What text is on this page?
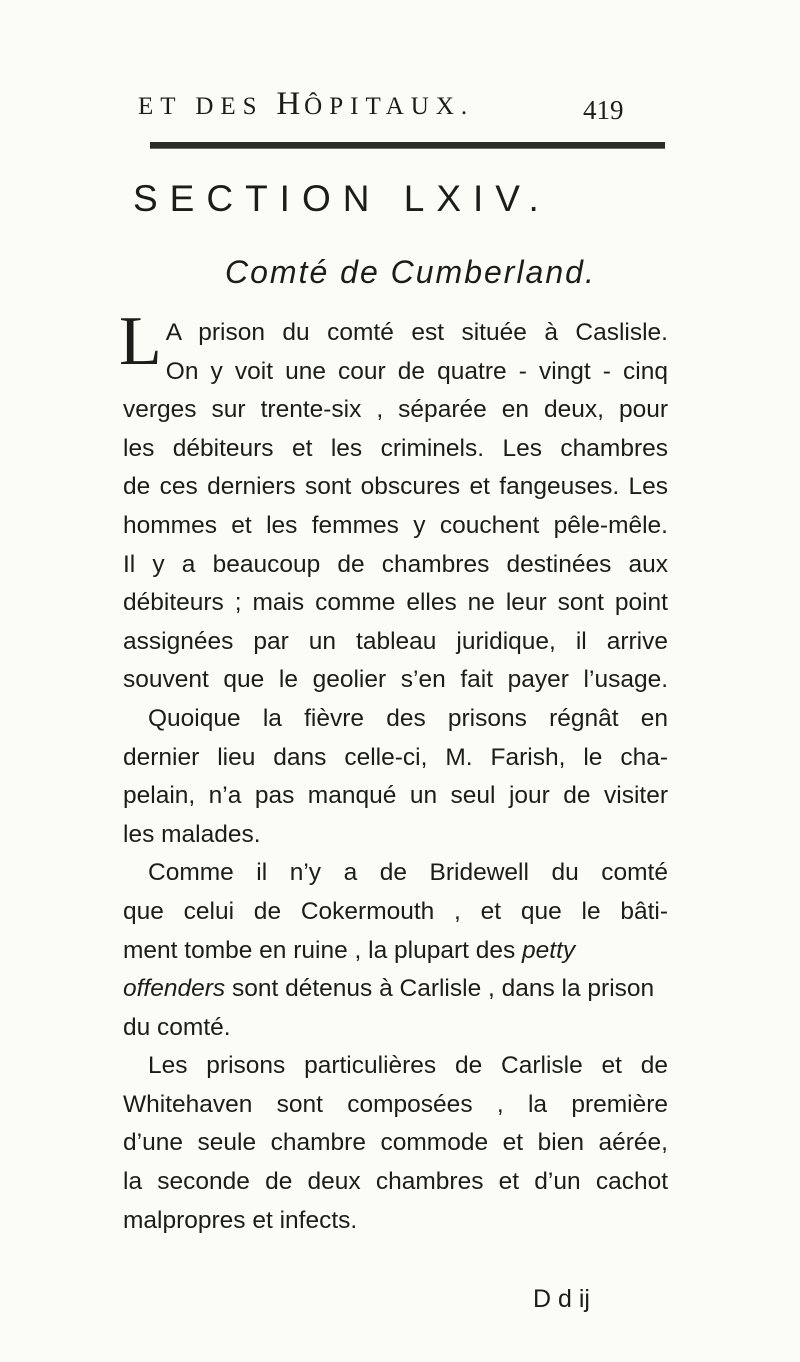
ET DES HÔPITAUX.	419
SECTION LXIV.
Comté de Cumberland.
L A prison du comté est située à Caslisle.
On y voit une cour de quatre - vingt - cinq
verges sur trente-six , séparée en deux, pour
les débiteurs et les criminels. Les chambres
de ces derniers sont obscures et fangeuses. Les
hommes et les femmes y couchent pêle-mêle.
Il y a beaucoup de chambres destinées aux
débiteurs ; mais comme elles ne leur sont point
assignées par un tableau juridique, il arrive
souvent que le geolier s’en fait payer l’usage.
Quoique la fièvre des prisons régnât en
dernier lieu dans celle-ci, M. Farish, le cha-
pelain, n’a pas manqué un seul jour de visiter
les malades.
Comme il n’y a de Bridewell du comté
que celui de Cokermouth , et que le bâti-
ment tombe en ruine , la plupart des petty
offenders sont détenus à Carlisle , dans la prison
du comté.
Les prisons particulières de Carlisle et de
Whitehaven sont composées , la première
d’une seule chambre commode et bien aérée,
la seconde de deux chambres et d’un cachot
malpropres et infects.
D d ij
